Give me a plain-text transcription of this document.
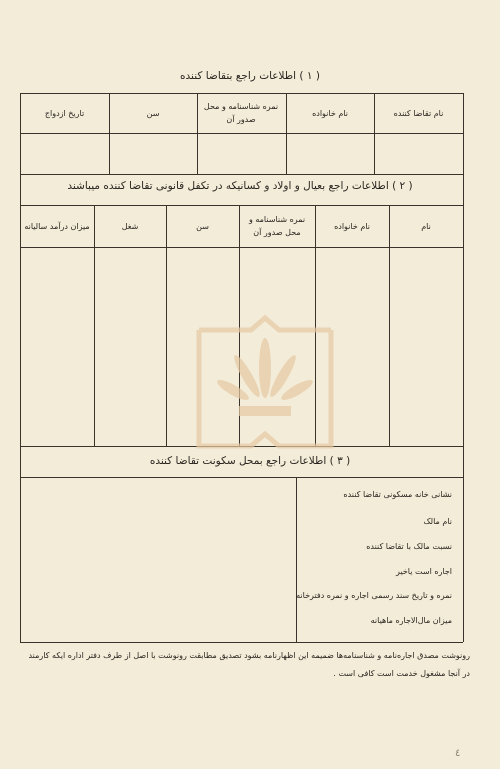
( ۱ ) اطلاعات راجع بتقاضا کننده
نام تقاضا کننده
نام خانواده
نمره شناسنامه و محل صدور آن
سن
تاریخ ازدواج
( ۲ ) اطلاعات راجع بعیال و اولاد و کسانیکه در تکفل قانونی تقاضا کننده میباشند
نام
نام خانواده
نمره شناسنامه و محل صدور آن
سن
شغل
میزان درآمد سالیانه
( ۳ ) اطلاعات راجع بمحل سکونت تقاضا کننده
نشانی خانه مسکونی تقاضا کننده
نام مالک
نسبت مالک با تقاضا کننده
اجاره است یاخیر
نمره و تاریخ سند رسمی اجاره و نمره دفترخانه
میزان مال‌الاجاره ماهیانه
رونوشت مصدق اجاره‌نامه و شناسنامه‌ها ضمیمه این اظهارنامه بشود تصدیق مطابقت رونوشت با اصل از طرف دفتر اداره ایکه کارمند
در آنجا مشغول خدمت است کافی است .
٤
